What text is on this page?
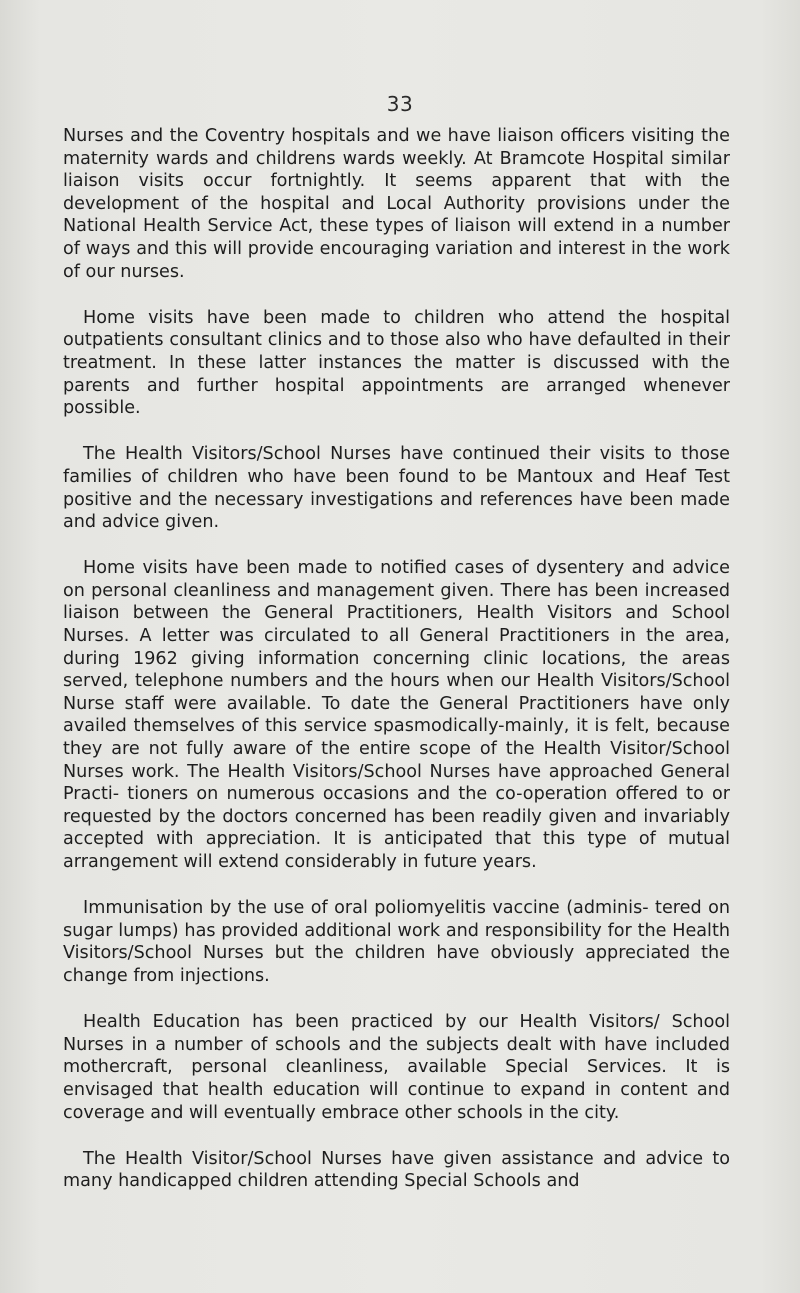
33

Nurses and the Coventry hospitals and we have liaison officers visiting the maternity wards and childrens wards weekly. At Bramcote Hospital similar liaison visits occur fortnightly. It seems apparent that with the development of the hospital and Local Authority provisions under the National Health Service Act, these types of liaison will extend in a number of ways and this will provide encouraging variation and interest in the work of our nurses.

Home visits have been made to children who attend the hospital outpatients consultant clinics and to those also who have defaulted in their treatment. In these latter instances the matter is discussed with the parents and further hospital appointments are arranged whenever possible.

The Health Visitors/School Nurses have continued their visits to those families of children who have been found to be Mantoux and Heaf Test positive and the necessary investigations and references have been made and advice given.

Home visits have been made to notified cases of dysentery and advice on personal cleanliness and management given. There has been increased liaison between the General Practitioners, Health Visitors and School Nurses. A letter was circulated to all General Practitioners in the area, during 1962 giving information concerning clinic locations, the areas served, telephone numbers and the hours when our Health Visitors/School Nurse staff were available. To date the General Practitioners have only availed themselves of this service spasmodically-mainly, it is felt, because they are not fully aware of the entire scope of the Health Visitor/School Nurses work. The Health Visitors/School Nurses have approached General Practi- tioners on numerous occasions and the co-operation offered to or requested by the doctors concerned has been readily given and invariably accepted with appreciation. It is anticipated that this type of mutual arrangement will extend considerably in future years.

Immunisation by the use of oral poliomyelitis vaccine (adminis- tered on sugar lumps) has provided additional work and responsibility for the Health Visitors/School Nurses but the children have obviously appreciated the change from injections.

Health Education has been practiced by our Health Visitors/ School Nurses in a number of schools and the subjects dealt with have included mothercraft, personal cleanliness, available Special Services. It is envisaged that health education will continue to expand in content and coverage and will eventually embrace other schools in the city.

The Health Visitor/School Nurses have given assistance and advice to many handicapped children attending Special Schools and
